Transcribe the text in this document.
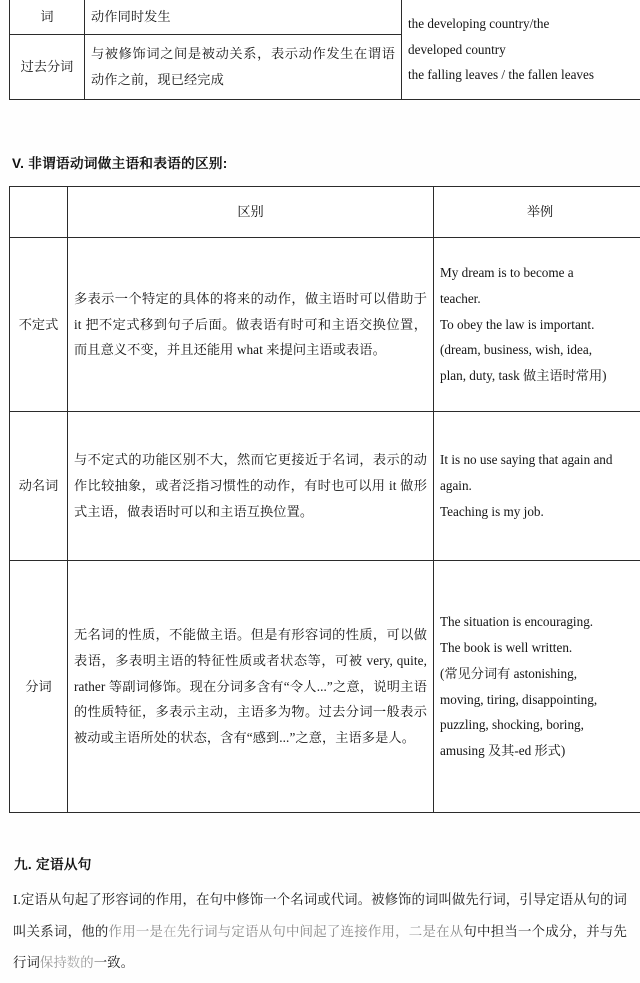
词	动作同时发生	the developing country/the
developed country
the falling leaves / the fallen leaves

过去分词	与被修饰词之间是被动关系，表示动作发生在谓语动作之前，现已经完成	
V. 非谓语动词做主语和表语的区别:
	区别	举例
不定式	多表示一个特定的具体的将来的动作，做主语时可以借助于 it 把不定式移到句子后面。做表语有时可和主语交换位置，而且意义不变，并且还能用 what 来提问主语或表语。	My dream is to become a
teacher.
To obey the law is important.
(dream, business, wish, idea,
plan, duty, task 做主语时常用)

动名词	与不定式的功能区别不大，然而它更接近于名词，表示的动作比较抽象，或者泛指习惯性的动作，有时也可以用 it 做形式主语，做表语时可以和主语互换位置。	It is no use saying that again and
again.
Teaching is my job.

分词	无名词的性质，不能做主语。但是有形容词的性质，可以做表语，多表明主语的特征性质或者状态等，可被 very, quite, rather 等副词修饰。现在分词多含有“令人...”之意，说明主语的性质特征，多表示主动，主语多为物。过去分词一般表示被动或主语所处的状态，含有“感到...”之意，主语多是人。	
The situation is encouraging.
The book is well written.
(常见分词有 astonishing,
moving, tiring, disappointing,
puzzling, shocking, boring,
amusing 及其-ed 形式)
九. 定语从句
I.定语从句起了形容词的作用，在句中修饰一个名词或代词。被修饰的词叫做先行词，引导定语从句的词叫关系词，他的作用一是在先行词与定语从句中间起了连接作用，二是在从句中担当一个成分，并与先行词保持数的一致。
